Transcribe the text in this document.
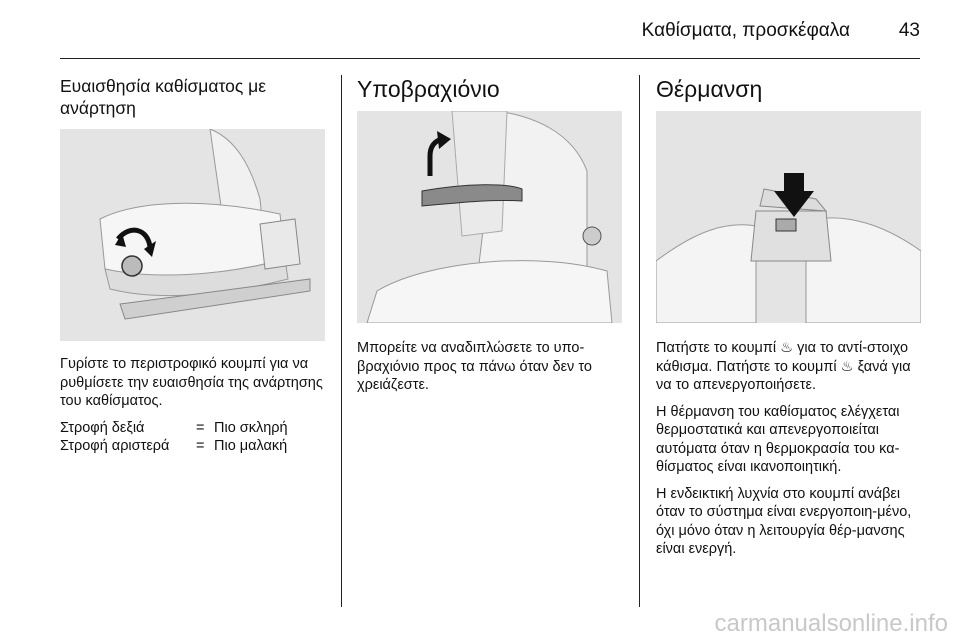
Καθίσματα, προσκέφαλα	43
Ευαισθησία καθίσματος με ανάρτηση

Γυρίστε το περιστροφικό κουμπί για να ρυθμίσετε την ευαισθησία της ανάρτησης του καθίσματος.

Στροφή δεξιά	= Πιο σκληρή
Στροφή αριστερά	= Πιο μαλακή
Υποβραχιόνιο

Μπορείτε να αναδιπλώσετε το υπο-βραχιόνιο προς τα πάνω όταν δεν το χρειάζεστε.

Θέρμανση

Πατήστε το κουμπί ♨ για το αντί-στοιχο κάθισμα. Πατήστε το κουμπί ♨ ξανά για να το απενεργοποιήσετε.

Η θέρμανση του καθίσματος ελέγχεται θερμοστατικά και απενεργοποιείται αυτόματα όταν η θερμοκρασία του κα-θίσματος είναι ικανοποιητική.

Η ενδεικτική λυχνία στο κουμπί ανάβει όταν το σύστημα είναι ενεργοποιη-μένο, όχι μόνο όταν η λειτουργία θέρ-μανσης είναι ενεργή.

carmanualsonline.info
